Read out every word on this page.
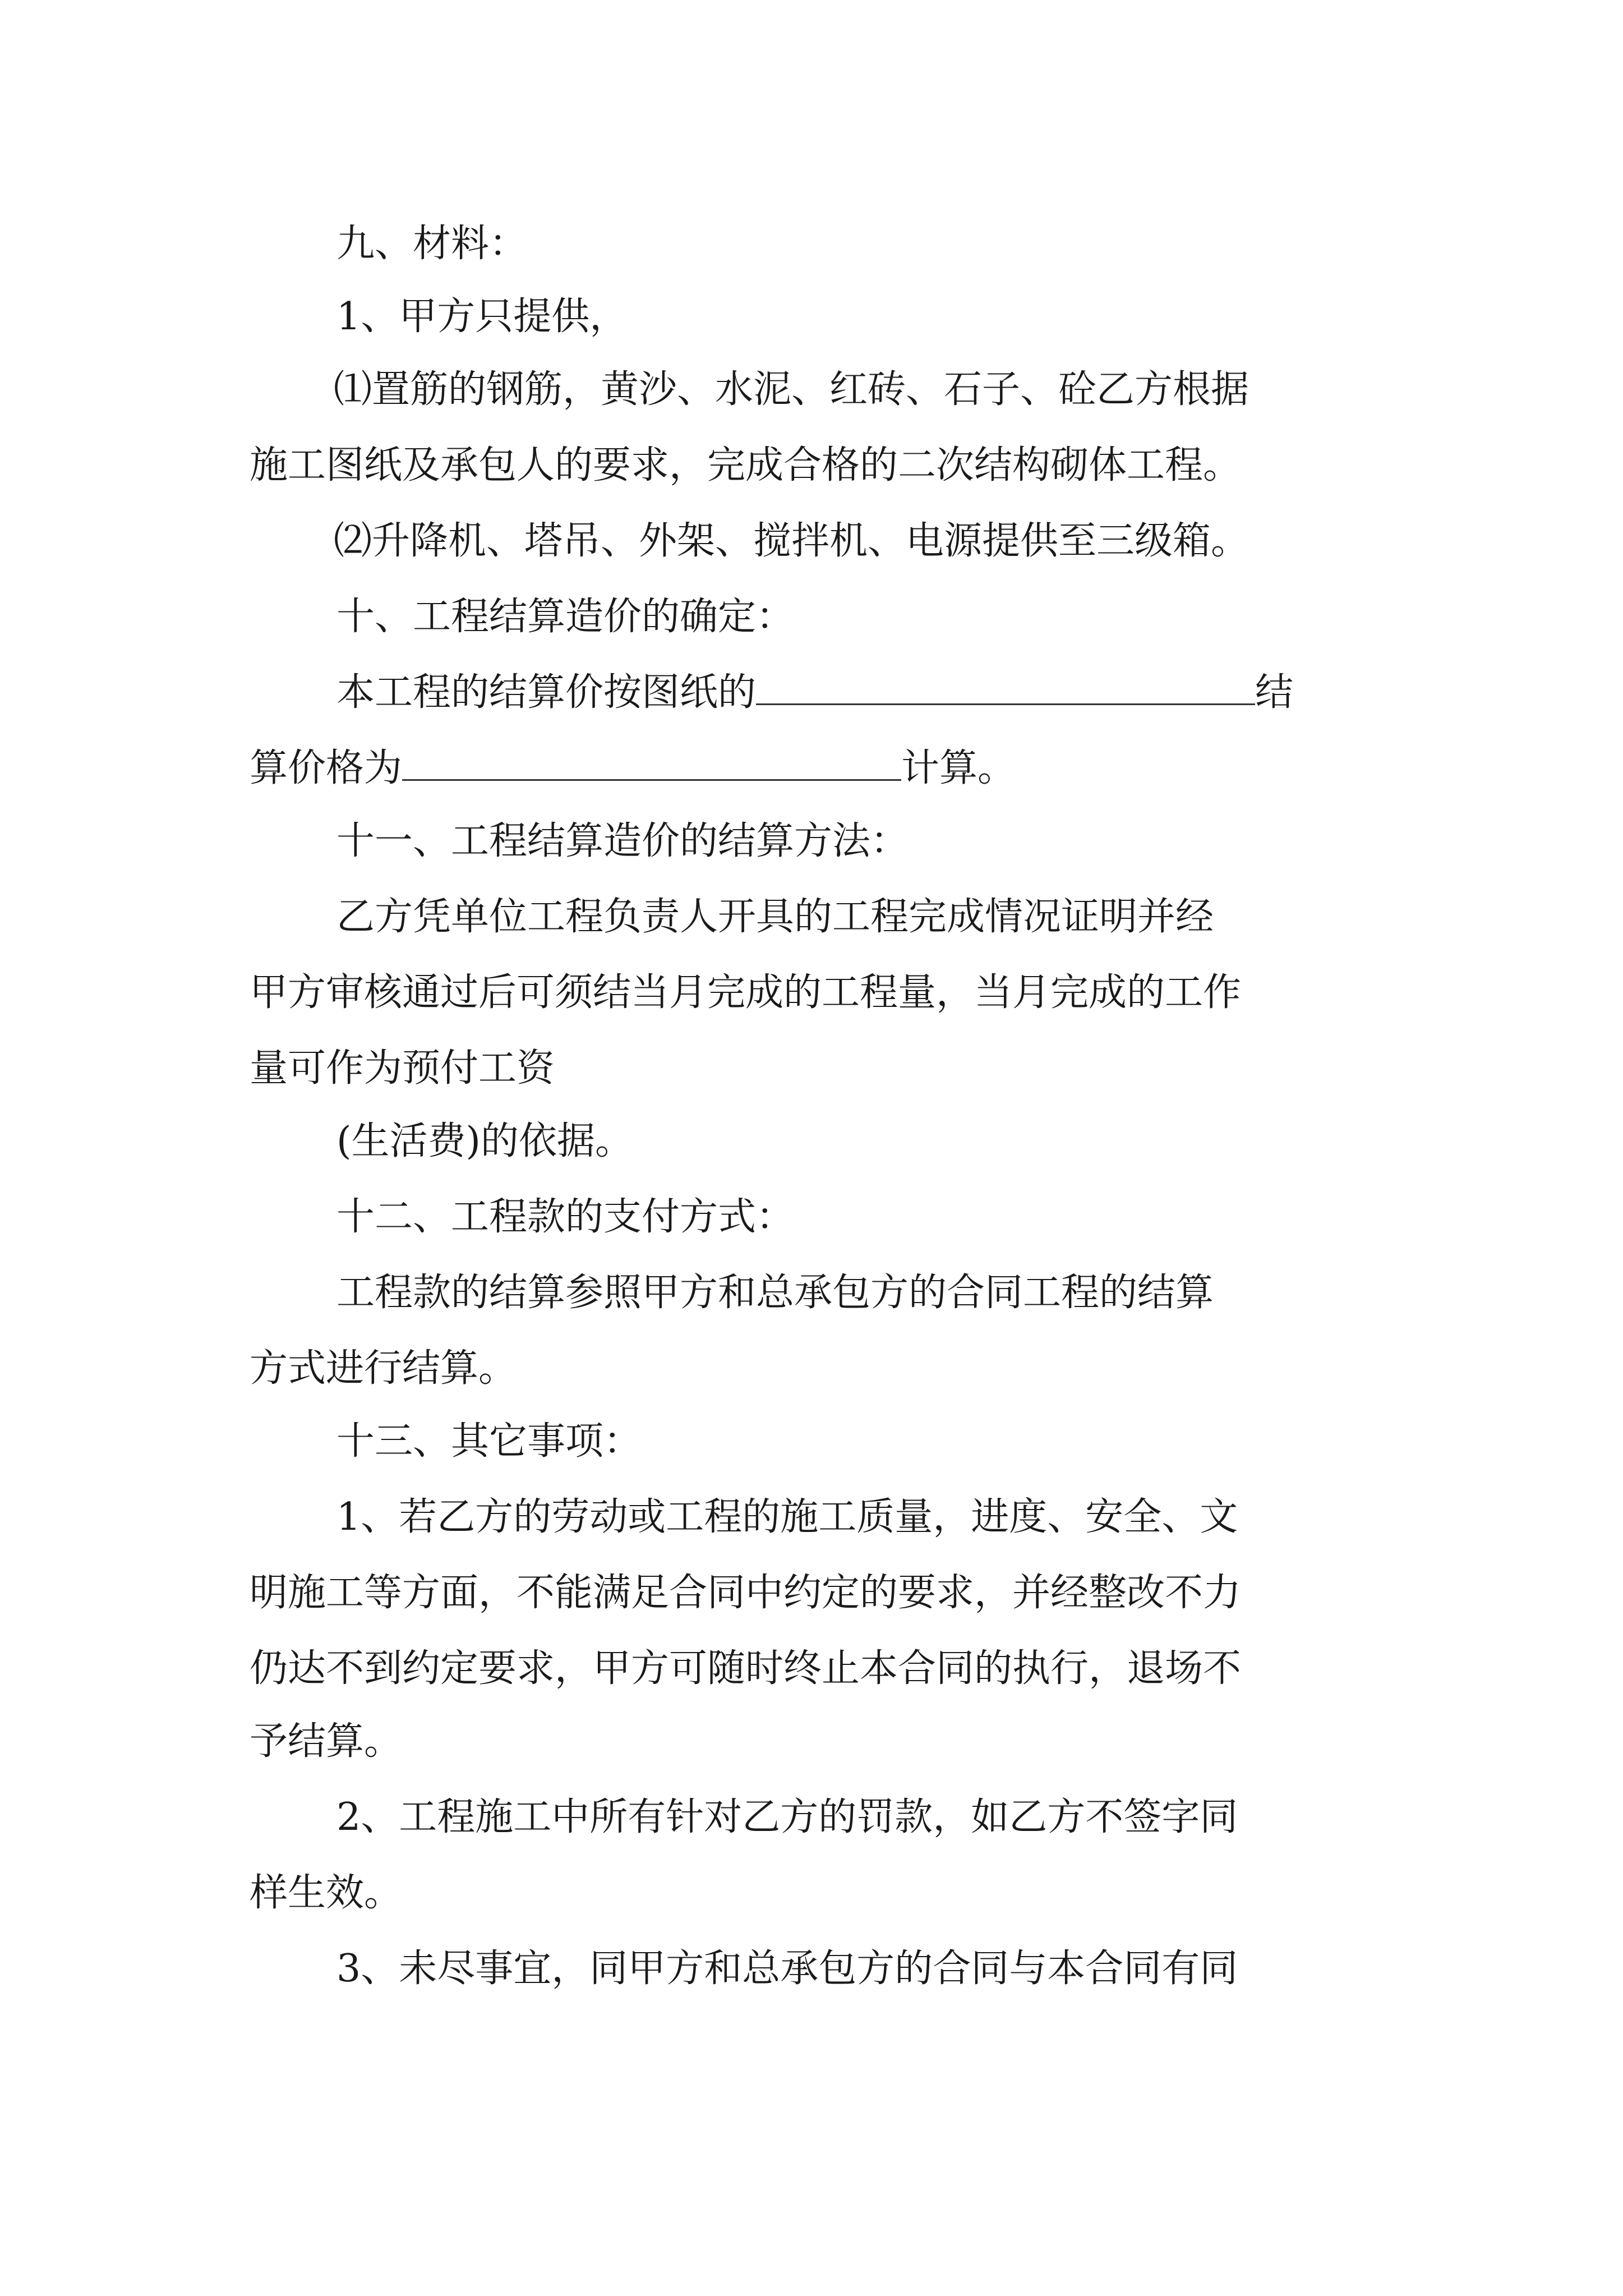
九、材料：
1、甲方只提供，
⑴置筋的钢筋，黄沙、水泥、红砖、石子、砼乙方根据
施工图纸及承包人的要求，完成合格的二次结构砌体工程。
⑵升降机、塔吊、外架、搅拌机、电源提供至三级箱。
十、工程结算造价的确定：
本工程的结算价按图纸的	结
算价格为	计算。
十一、工程结算造价的结算方法：
乙方凭单位工程负责人开具的工程完成情况证明并经
甲方审核通过后可须结当月完成的工程量，当月完成的工作
量可作为预付工资
(生活费)的依据。
十二、工程款的支付方式：
工程款的结算参照甲方和总承包方的合同工程的结算
方式进行结算。
十三、其它事项：
1、若乙方的劳动或工程的施工质量，进度、安全、文
明施工等方面，不能满足合同中约定的要求，并经整改不力
仍达不到约定要求，甲方可随时终止本合同的执行，退场不
予结算。
2、工程施工中所有针对乙方的罚款，如乙方不签字同
样生效。
3、未尽事宜，同甲方和总承包方的合同与本合同有同
